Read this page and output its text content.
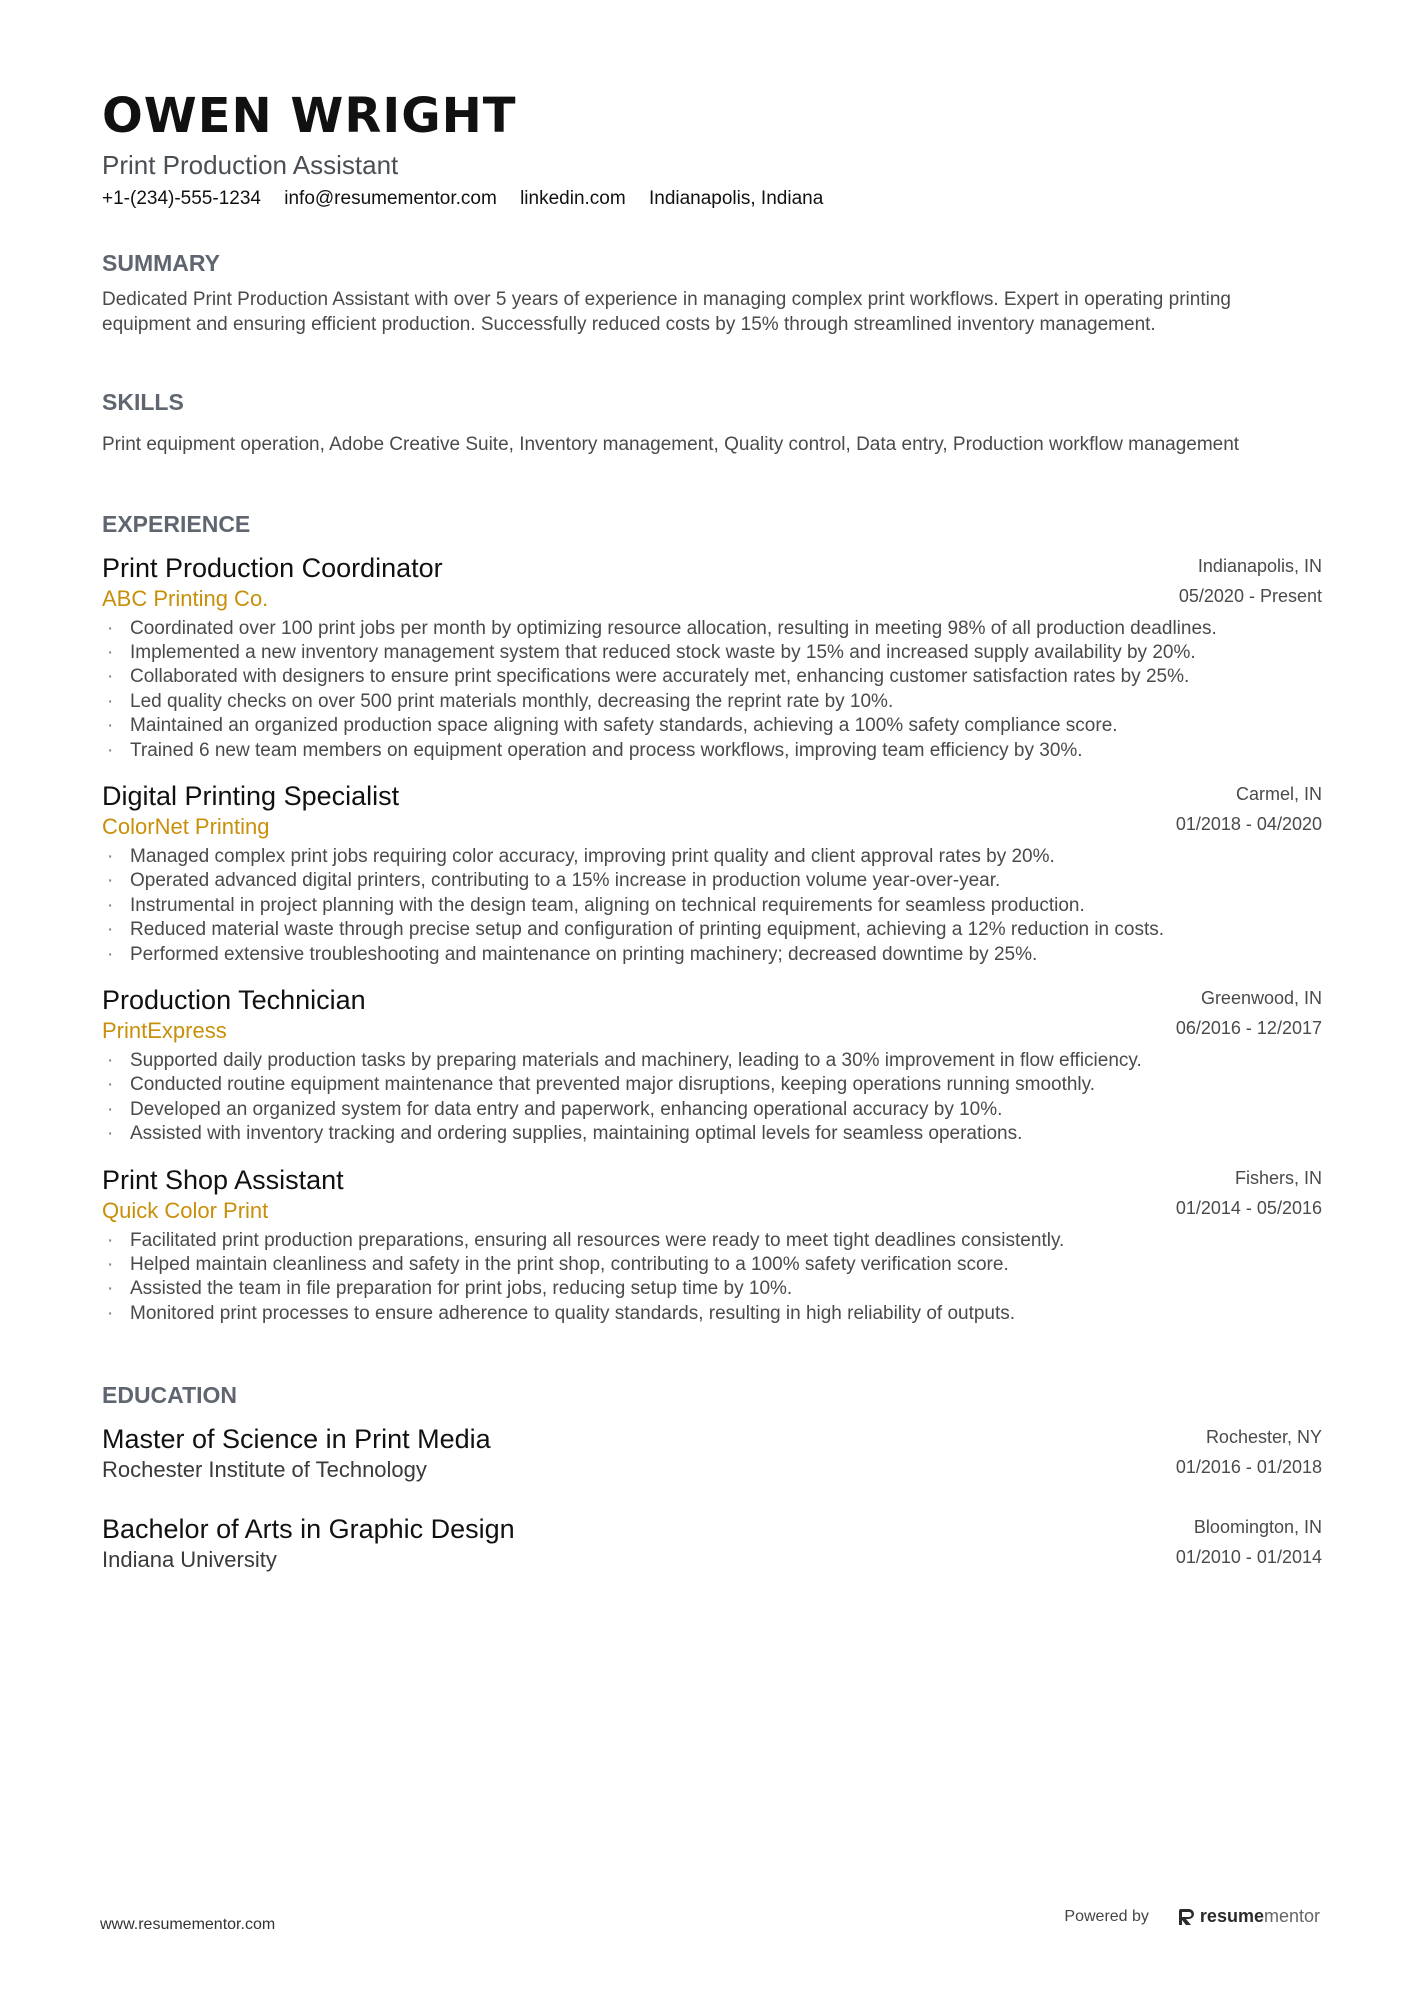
OWEN WRIGHT
Print Production Assistant
+1-(234)-555-1234 info@resumementor.com linkedin.com Indianapolis, Indiana
SUMMARY
Dedicated Print Production Assistant with over 5 years of experience in managing complex print workflows. Expert in operating printing equipment and ensuring efficient production. Successfully reduced costs by 15% through streamlined inventory management.
SKILLS
Print equipment operation, Adobe Creative Suite, Inventory management, Quality control, Data entry, Production workflow management
EXPERIENCE
Print Production Coordinator
ABC Printing Co.
Indianapolis, IN
05/2020 - Present
· Coordinated over 100 print jobs per month by optimizing resource allocation, resulting in meeting 98% of all production deadlines.
· Implemented a new inventory management system that reduced stock waste by 15% and increased supply availability by 20%.
· Collaborated with designers to ensure print specifications were accurately met, enhancing customer satisfaction rates by 25%.
· Led quality checks on over 500 print materials monthly, decreasing the reprint rate by 10%.
· Maintained an organized production space aligning with safety standards, achieving a 100% safety compliance score.
· Trained 6 new team members on equipment operation and process workflows, improving team efficiency by 30%.
Digital Printing Specialist
ColorNet Printing
Carmel, IN
01/2018 - 04/2020
· Managed complex print jobs requiring color accuracy, improving print quality and client approval rates by 20%.
· Operated advanced digital printers, contributing to a 15% increase in production volume year-over-year.
· Instrumental in project planning with the design team, aligning on technical requirements for seamless production.
· Reduced material waste through precise setup and configuration of printing equipment, achieving a 12% reduction in costs.
· Performed extensive troubleshooting and maintenance on printing machinery; decreased downtime by 25%.
Production Technician
PrintExpress
Greenwood, IN
06/2016 - 12/2017
· Supported daily production tasks by preparing materials and machinery, leading to a 30% improvement in flow efficiency.
· Conducted routine equipment maintenance that prevented major disruptions, keeping operations running smoothly.
· Developed an organized system for data entry and paperwork, enhancing operational accuracy by 10%.
· Assisted with inventory tracking and ordering supplies, maintaining optimal levels for seamless operations.
Print Shop Assistant
Quick Color Print
Fishers, IN
01/2014 - 05/2016
· Facilitated print production preparations, ensuring all resources were ready to meet tight deadlines consistently.
· Helped maintain cleanliness and safety in the print shop, contributing to a 100% safety verification score.
· Assisted the team in file preparation for print jobs, reducing setup time by 10%.
· Monitored print processes to ensure adherence to quality standards, resulting in high reliability of outputs.
EDUCATION
Master of Science in Print Media
Rochester Institute of Technology
Rochester, NY
01/2016 - 01/2018
Bachelor of Arts in Graphic Design
Indiana University
Bloomington, IN
01/2010 - 01/2014
www.resumementor.com	Powered by	resume mentor
